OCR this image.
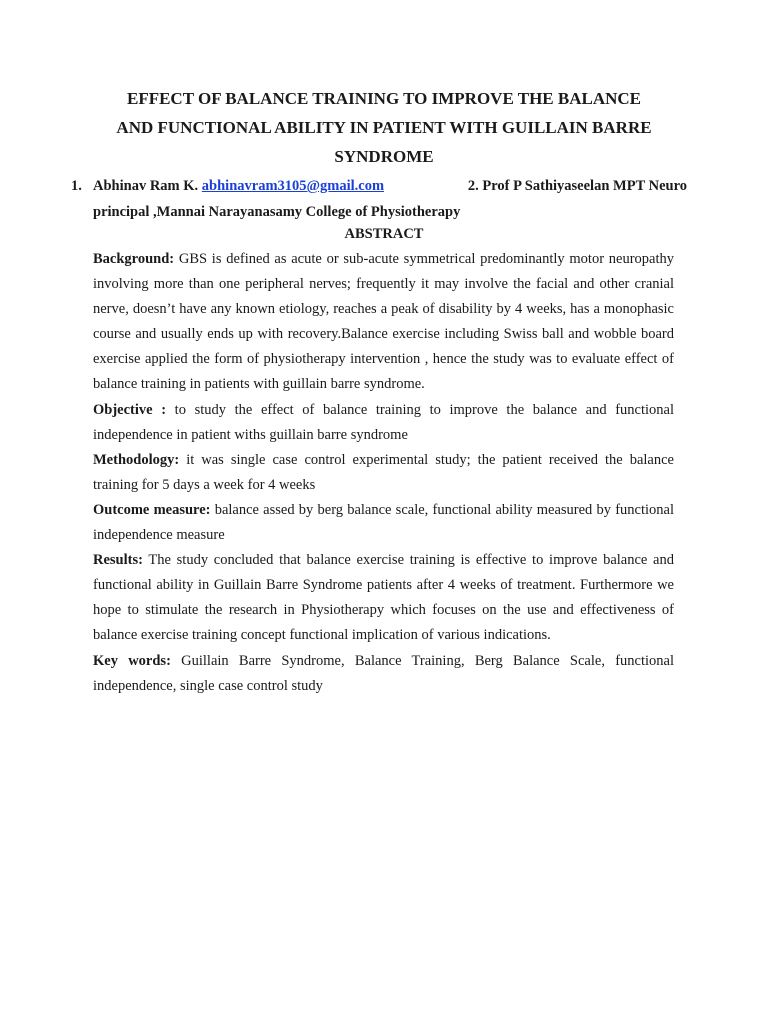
EFFECT OF BALANCE TRAINING TO IMPROVE THE BALANCE
AND FUNCTIONAL ABILITY IN PATIENT WITH GUILLAIN BARRE
SYNDROME
1. Abhinav Ram K. abhinavram3105@gmail.com	2. Prof P Sathiyaseelan MPT Neuro
principal ,Mannai Narayanasamy College of Physiotherapy
ABSTRACT

Background: GBS is defined as acute or sub-acute symmetrical predominantly motor neuropathy involving more than one peripheral nerves; frequently it may involve the facial and other cranial nerve, doesn’t have any known etiology, reaches a peak of disability by 4 weeks, has a monophasic course and usually ends up with recovery.Balance exercise including Swiss ball and wobble board exercise applied the form of physiotherapy intervention , hence the study was to evaluate effect of balance training in patients with guillain barre syndrome.

Objective : to study the effect of balance training to improve the balance and functional independence in patient withs guillain barre syndrome

Methodology: it was single case control experimental study; the patient received the balance training for 5 days a week for 4 weeks

Outcome measure: balance assed by berg balance scale, functional ability measured by functional independence measure

Results: The study concluded that balance exercise training is effective to improve balance and functional ability in Guillain Barre Syndrome patients after 4 weeks of treatment. Furthermore we hope to stimulate the research in Physiotherapy which focuses on the use and effectiveness of balance exercise training concept functional implication of various indications.

Key words: Guillain Barre Syndrome, Balance Training, Berg Balance Scale, functional independence, single case control study
